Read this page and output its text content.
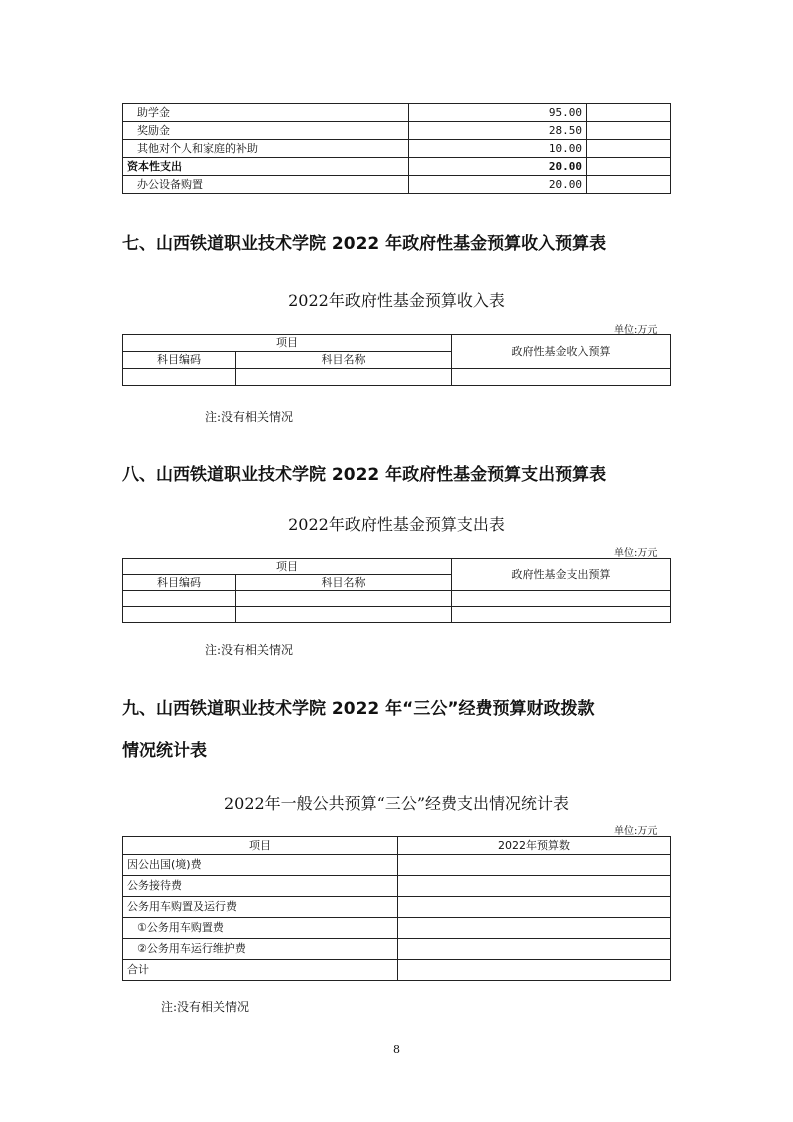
助学金	95.00	
奖励金	28.50	
其他对个人和家庭的补助	10.00	
资本性支出	20.00	
办公设备购置	20.00	
七、山西铁道职业技术学院 2022 年政府性基金预算收入预算表
2022年政府性基金预算收入表
单位:万元
项目		政府性基金收入预算
科目编码	科目名称	

注:没有相关情况
八、山西铁道职业技术学院 2022 年政府性基金预算支出预算表
2022年政府性基金预算支出表
单位:万元
项目		政府性基金支出预算
科目编码	科目名称	

注:没有相关情况
九、山西铁道职业技术学院 2022 年“三公”经费预算财政拨款
情况统计表
2022年一般公共预算“三公”经费支出情况统计表
单位:万元
项目	2022年预算数
因公出国(境)费	
公务接待费	
公务用车购置及运行费	
①公务用车购置费	
②公务用车运行维护费	
合计	
注:没有相关情况
8
